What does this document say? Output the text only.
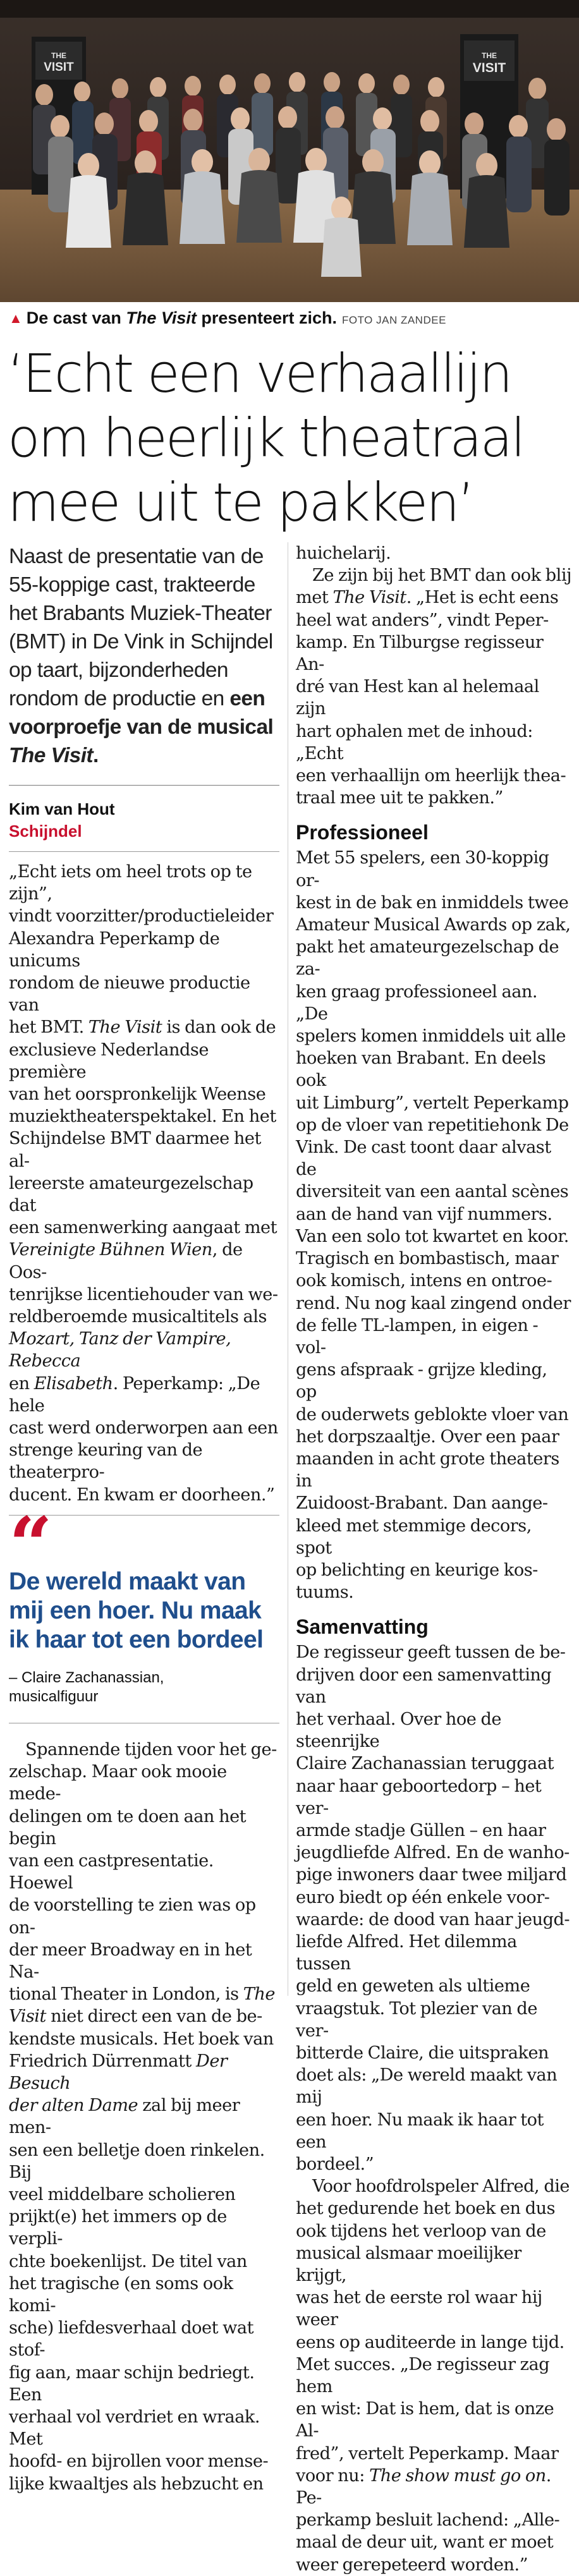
THE
VISIT
THE
VISIT
▲ De cast van The Visit presenteert zich. FOTO JAN ZANDEE
‘Echt een verhaallijn
om heerlijk theatraal
mee uit te pakken’

Naast de presentatie van de 55-koppige cast, trakteerde het Brabants Muziek-Theater (BMT) in De Vink in Schijndel op taart, bijzonderheden rondom de productie en een voorproefje van de musical The Visit.

Kim van Hout
Schijndel

„Echt iets om heel trots op te zijn”,
vindt voorzitter/productieleider
Alexandra Peperkamp de unicums
rondom de nieuwe productie van
het BMT. The Visit is dan ook de
exclusieve Nederlandse première
van het oorspronkelijk Weense
muziektheaterspektakel. En het
Schijndelse BMT daarmee het al-
lereerste amateurgezelschap dat
een samenwerking aangaat met
Vereinigte Bühnen Wien, de Oos-
tenrijkse licentiehouder van we-
reldberoemde musicaltitels als
Mozart, Tanz der Vampire, Rebecca
en Elisabeth. Peperkamp: „De hele
cast werd onderworpen aan een
strenge keuring van de theaterpro-
ducent. En kwam er doorheen.”

“
De wereld maakt van mij een hoer. Nu maak ik haar tot een bordeel
– Claire Zachanassian,
musicalfiguur

Spannende tijden voor het ge-
zelschap. Maar ook mooie mede-
delingen om te doen aan het begin
van een castpresentatie. Hoewel
de voorstelling te zien was op on-
der meer Broadway en in het Na-
tional Theater in London, is The
Visit niet direct een van de be-
kendste musicals. Het boek van
Friedrich Dürrenmatt Der Besuch
der alten Dame zal bij meer men-
sen een belletje doen rinkelen. Bij
veel middelbare scholieren
prijkt(e) het immers op de verpli-
chte boekenlijst. De titel van
het tragische (en soms ook komi-
sche) liefdesverhaal doet wat stof-
fig aan, maar schijn bedriegt. Een
verhaal vol verdriet en wraak. Met
hoofd- en bijrollen voor mense-
lijke kwaaltjes als hebzucht en

huichelarij.

Ze zijn bij het BMT dan ook blij
met The Visit. „Het is echt eens
heel wat anders”, vindt Peper-
kamp. En Tilburgse regisseur An-
dré van Hest kan al helemaal zijn
hart ophalen met de inhoud: „Echt
een verhaallijn om heerlijk thea-
traal mee uit te pakken.”

Professioneel

Met 55 spelers, een 30-koppig or-
kest in de bak en inmiddels twee
Amateur Musical Awards op zak,
pakt het amateurgezelschap de za-
ken graag professioneel aan. „De
spelers komen inmiddels uit alle
hoeken van Brabant. En deels ook
uit Limburg”, vertelt Peperkamp
op de vloer van repetitiehonk De
Vink. De cast toont daar alvast de
diversiteit van een aantal scènes
aan de hand van vijf nummers.
Van een solo tot kwartet en koor.
Tragisch en bombastisch, maar
ook komisch, intens en ontroe-
rend. Nu nog kaal zingend onder
de felle TL-lampen, in eigen - vol-
gens afspraak - grijze kleding, op
de ouderwets geblokte vloer van
het dorpszaaltje. Over een paar
maanden in acht grote theaters in
Zuidoost-Brabant. Dan aange-
kleed met stemmige decors, spot
op belichting en keurige kos-
tuums.

Samenvatting

De regisseur geeft tussen de be-
drijven door een samenvatting van
het verhaal. Over hoe de steenrijke
Claire Zachanassian teruggaat
naar haar geboortedorp – het ver-
armde stadje Güllen – en haar
jeugdliefde Alfred. En de wanho-
pige inwoners daar twee miljard
euro biedt op één enkele voor-
waarde: de dood van haar jeugd-
liefde Alfred. Het dilemma tussen
geld en geweten als ultieme
vraagstuk. Tot plezier van de ver-
bitterde Claire, die uitspraken
doet als: „De wereld maakt van mij
een hoer. Nu maak ik haar tot een
bordeel.”

Voor hoofdrolspeler Alfred, die
het gedurende het boek en dus
ook tijdens het verloop van de
musical alsmaar moeilijker krijgt,
was het de eerste rol waar hij weer
eens op auditeerde in lange tijd.
Met succes. „De regisseur zag hem
en wist: Dat is hem, dat is onze Al-
fred”, vertelt Peperkamp. Maar
voor nu: The show must go on. Pe-
perkamp besluit lachend: „Alle-
maal de deur uit, want er moet
weer gerepeteerd worden.”
